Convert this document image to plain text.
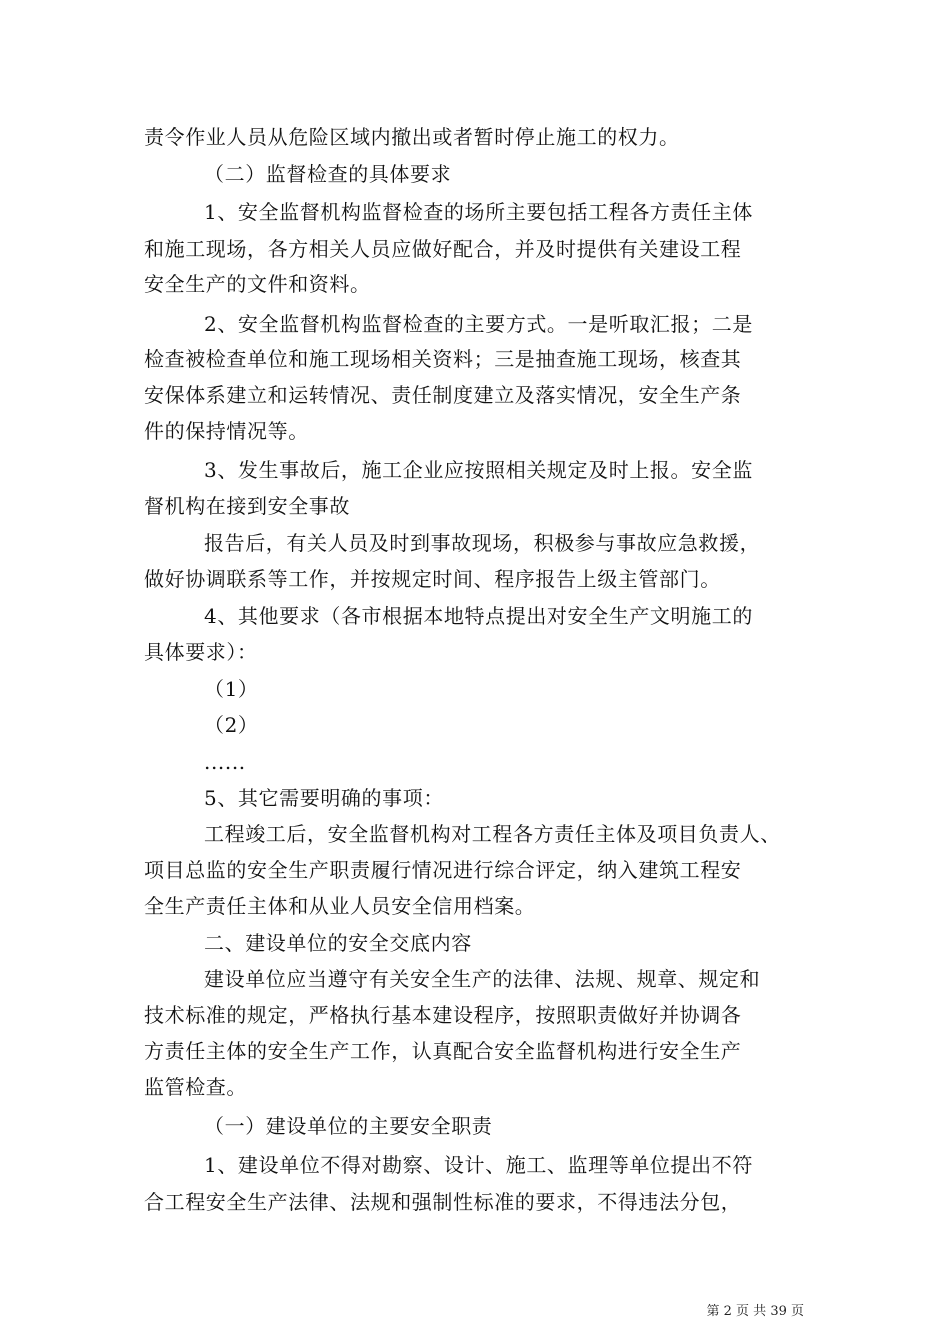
责令作业人员从危险区域内撤出或者暂时停止施工的权力。
（二）监督检查的具体要求
1、安全监督机构监督检查的场所主要包括工程各方责任主体
和施工现场，各方相关人员应做好配合，并及时提供有关建设工程
安全生产的文件和资料。
2、安全监督机构监督检查的主要方式。一是听取汇报；二是
检查被检查单位和施工现场相关资料；三是抽查施工现场，核查其
安保体系建立和运转情况、责任制度建立及落实情况，安全生产条
件的保持情况等。
3、发生事故后，施工企业应按照相关规定及时上报。安全监
督机构在接到安全事故
报告后，有关人员及时到事故现场，积极参与事故应急救援，
做好协调联系等工作，并按规定时间、程序报告上级主管部门。
4、其他要求（各市根据本地特点提出对安全生产文明施工的
具体要求）：
（1）
（2）
......
5、其它需要明确的事项：
工程竣工后，安全监督机构对工程各方责任主体及项目负责人、
项目总监的安全生产职责履行情况进行综合评定，纳入建筑工程安
全生产责任主体和从业人员安全信用档案。
二、建设单位的安全交底内容
建设单位应当遵守有关安全生产的法律、法规、规章、规定和
技术标准的规定，严格执行基本建设程序，按照职责做好并协调各
方责任主体的安全生产工作，认真配合安全监督机构进行安全生产
监管检查。
（一）建设单位的主要安全职责
1、建设单位不得对勘察、设计、施工、监理等单位提出不符
合工程安全生产法律、法规和强制性标准的要求，不得违法分包，
第 2 页 共 39 页
